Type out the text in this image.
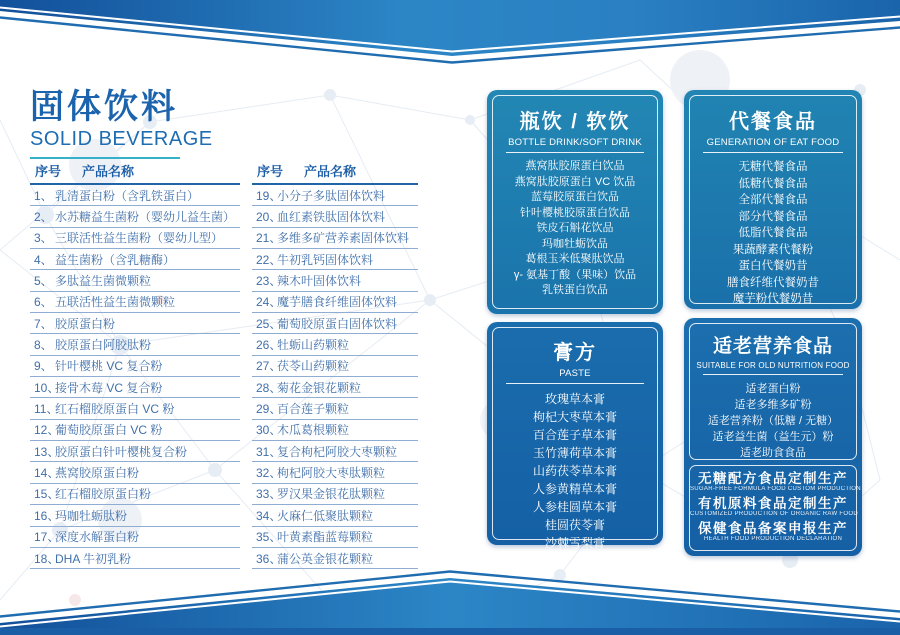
固体饮料
SOLID BEVERAGE
序号 产品名称
1、 乳清蛋白粉（含乳铁蛋白）
2、 水苏糖益生菌粉（婴幼儿益生菌）
3、 三联活性益生菌粉（婴幼儿型）
4、 益生菌粉（含乳糖酶）
5、 多肽益生菌微颗粒
6、 五联活性益生菌微颗粒
7、 胶原蛋白粉
8、 胶原蛋白阿胶肽粉
9、 针叶樱桃 VC 复合粉
10、
接骨木莓 VC 复合粉
11、
红石榴胶原蛋白 VC 粉
12、
葡萄胶原蛋白 VC 粉
13、
胶原蛋白针叶樱桃复合粉
14、
燕窝胶原蛋白粉
15、
红石榴胶原蛋白粉
16、
玛咖牡蛎肽粉
17、
深度水解蛋白粉
18、
DHA 牛初乳粉
序号 产品名称
19、
小分子多肽固体饮料
20、
血红素铁肽固体饮料
21、
多维多矿营养素固体饮料
22、
牛初乳钙固体饮料
23、
辣木叶固体饮料
24、
魔芋膳食纤维固体饮料
25、
葡萄胶原蛋白固体饮料
26、
牡蛎山药颗粒
27、
茯苓山药颗粒
28、
菊花金银花颗粒
29、
百合莲子颗粒
30、
木瓜葛根颗粒
31、
复合枸杞阿胶大枣颗粒
32、
枸杞阿胶大枣肽颗粒
33、
罗汉果金银花肽颗粒
34、
火麻仁低聚肽颗粒
35、
叶黄素酯蓝莓颗粒
36、
蒲公英金银花颗粒
瓶饮 / 软饮
BOTTLE DRINK/SOFT DRINK
燕窝肽胶原蛋白饮品
燕窝肽胶原蛋白 VC 饮品
蓝莓胶原蛋白饮品
针叶樱桃胶原蛋白饮品
铁皮石斛花饮品
玛咖牡蛎饮品
葛根玉米低聚肽饮品
γ- 氨基丁酸（果味）饮品
乳铁蛋白饮品
膏方
PASTE
玫瑰草本膏
枸杞大枣草本膏
百合莲子草本膏
玉竹薄荷草本膏
山药茯苓草本膏
人参黄精草本膏
人参桂圆草本膏
桂圆茯苓膏
沙棘雪梨膏
代餐食品
GENERATION OF EAT FOOD
无糖代餐食品
低糖代餐食品
全部代餐食品
部分代餐食品
低脂代餐食品
果蔬酵素代餐粉
蛋白代餐奶昔
膳食纤维代餐奶昔
魔芋粉代餐奶昔
适老营养食品
SUITABLE FOR OLD NUTRITION FOOD
适老蛋白粉
适老多维多矿粉
适老营养粉（低糖 / 无糖）
适老益生菌（益生元）粉
适老助食食品
无糖配方食品定制生产
SUGAR-FREE FORMULA FOOD CUSTOM PRODUCTION
有机原料食品定制生产
CUSTOMIZED PRODUCTION OF ORGANIC RAW FOOD
保健食品备案申报生产
HEALTH FOOD PRODUCTION DECLARATION
